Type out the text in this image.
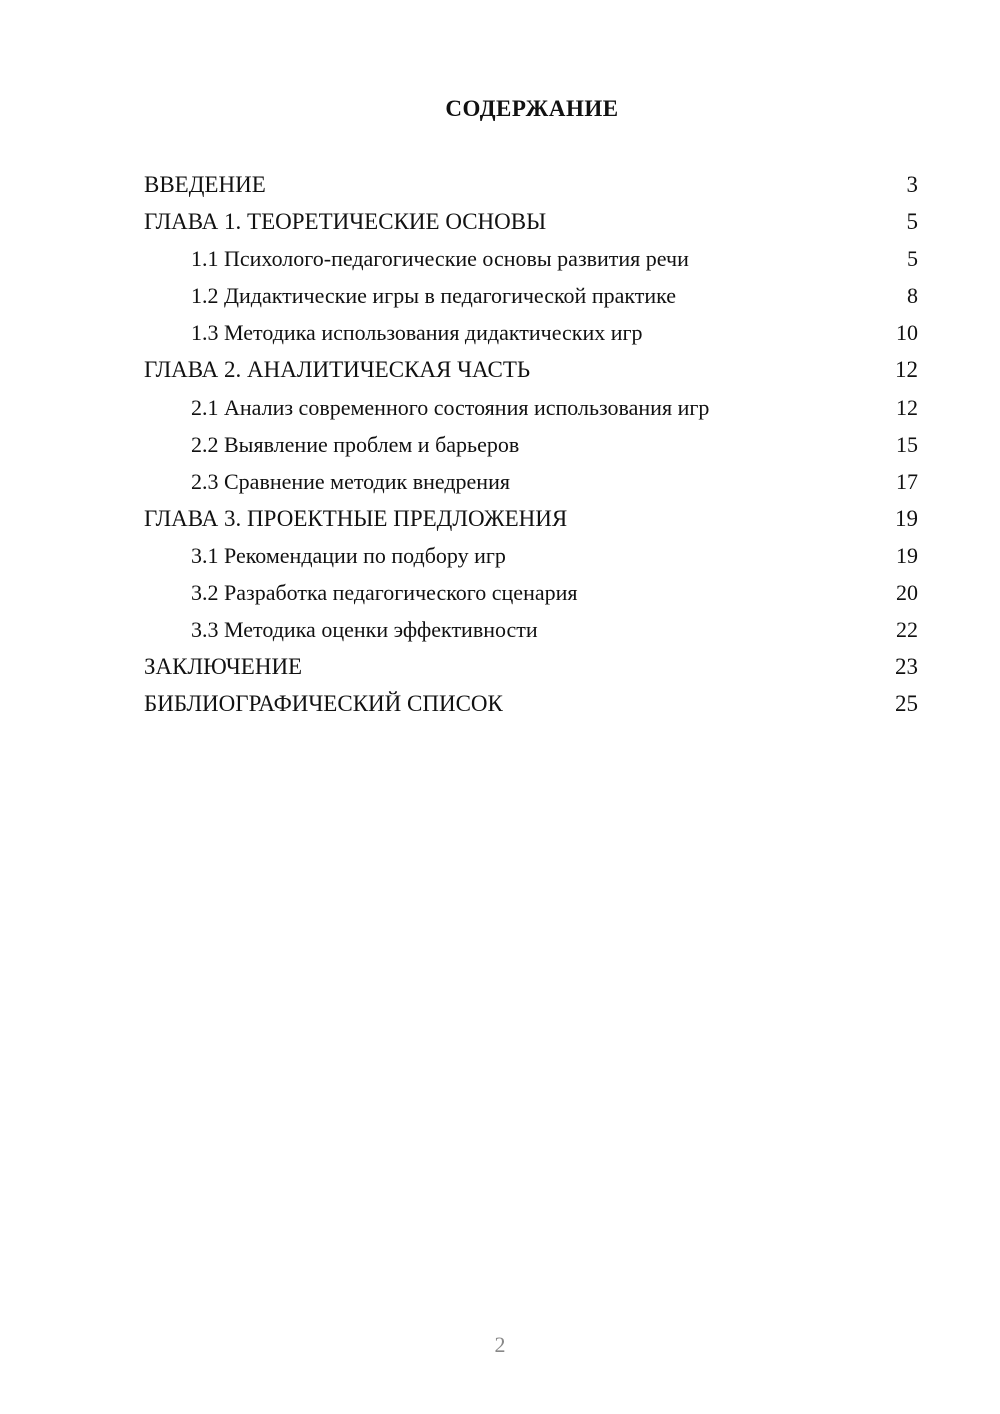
СОДЕРЖАНИЕ
ВВЕДЕНИЕ	3
ГЛАВА 1. ТЕОРЕТИЧЕСКИЕ ОСНОВЫ	5
1.1 Психолого-педагогические основы развития речи	5
1.2 Дидактические игры в педагогической практике	8
1.3 Методика использования дидактических игр	10
ГЛАВА 2. АНАЛИТИЧЕСКАЯ ЧАСТЬ	12
2.1 Анализ современного состояния использования игр	12
2.2 Выявление проблем и барьеров	15
2.3 Сравнение методик внедрения	17
ГЛАВА 3. ПРОЕКТНЫЕ ПРЕДЛОЖЕНИЯ	19
3.1 Рекомендации по подбору игр	19
3.2 Разработка педагогического сценария	20
3.3 Методика оценки эффективности	22
ЗАКЛЮЧЕНИЕ	23
БИБЛИОГРАФИЧЕСКИЙ СПИСОК	25
2
